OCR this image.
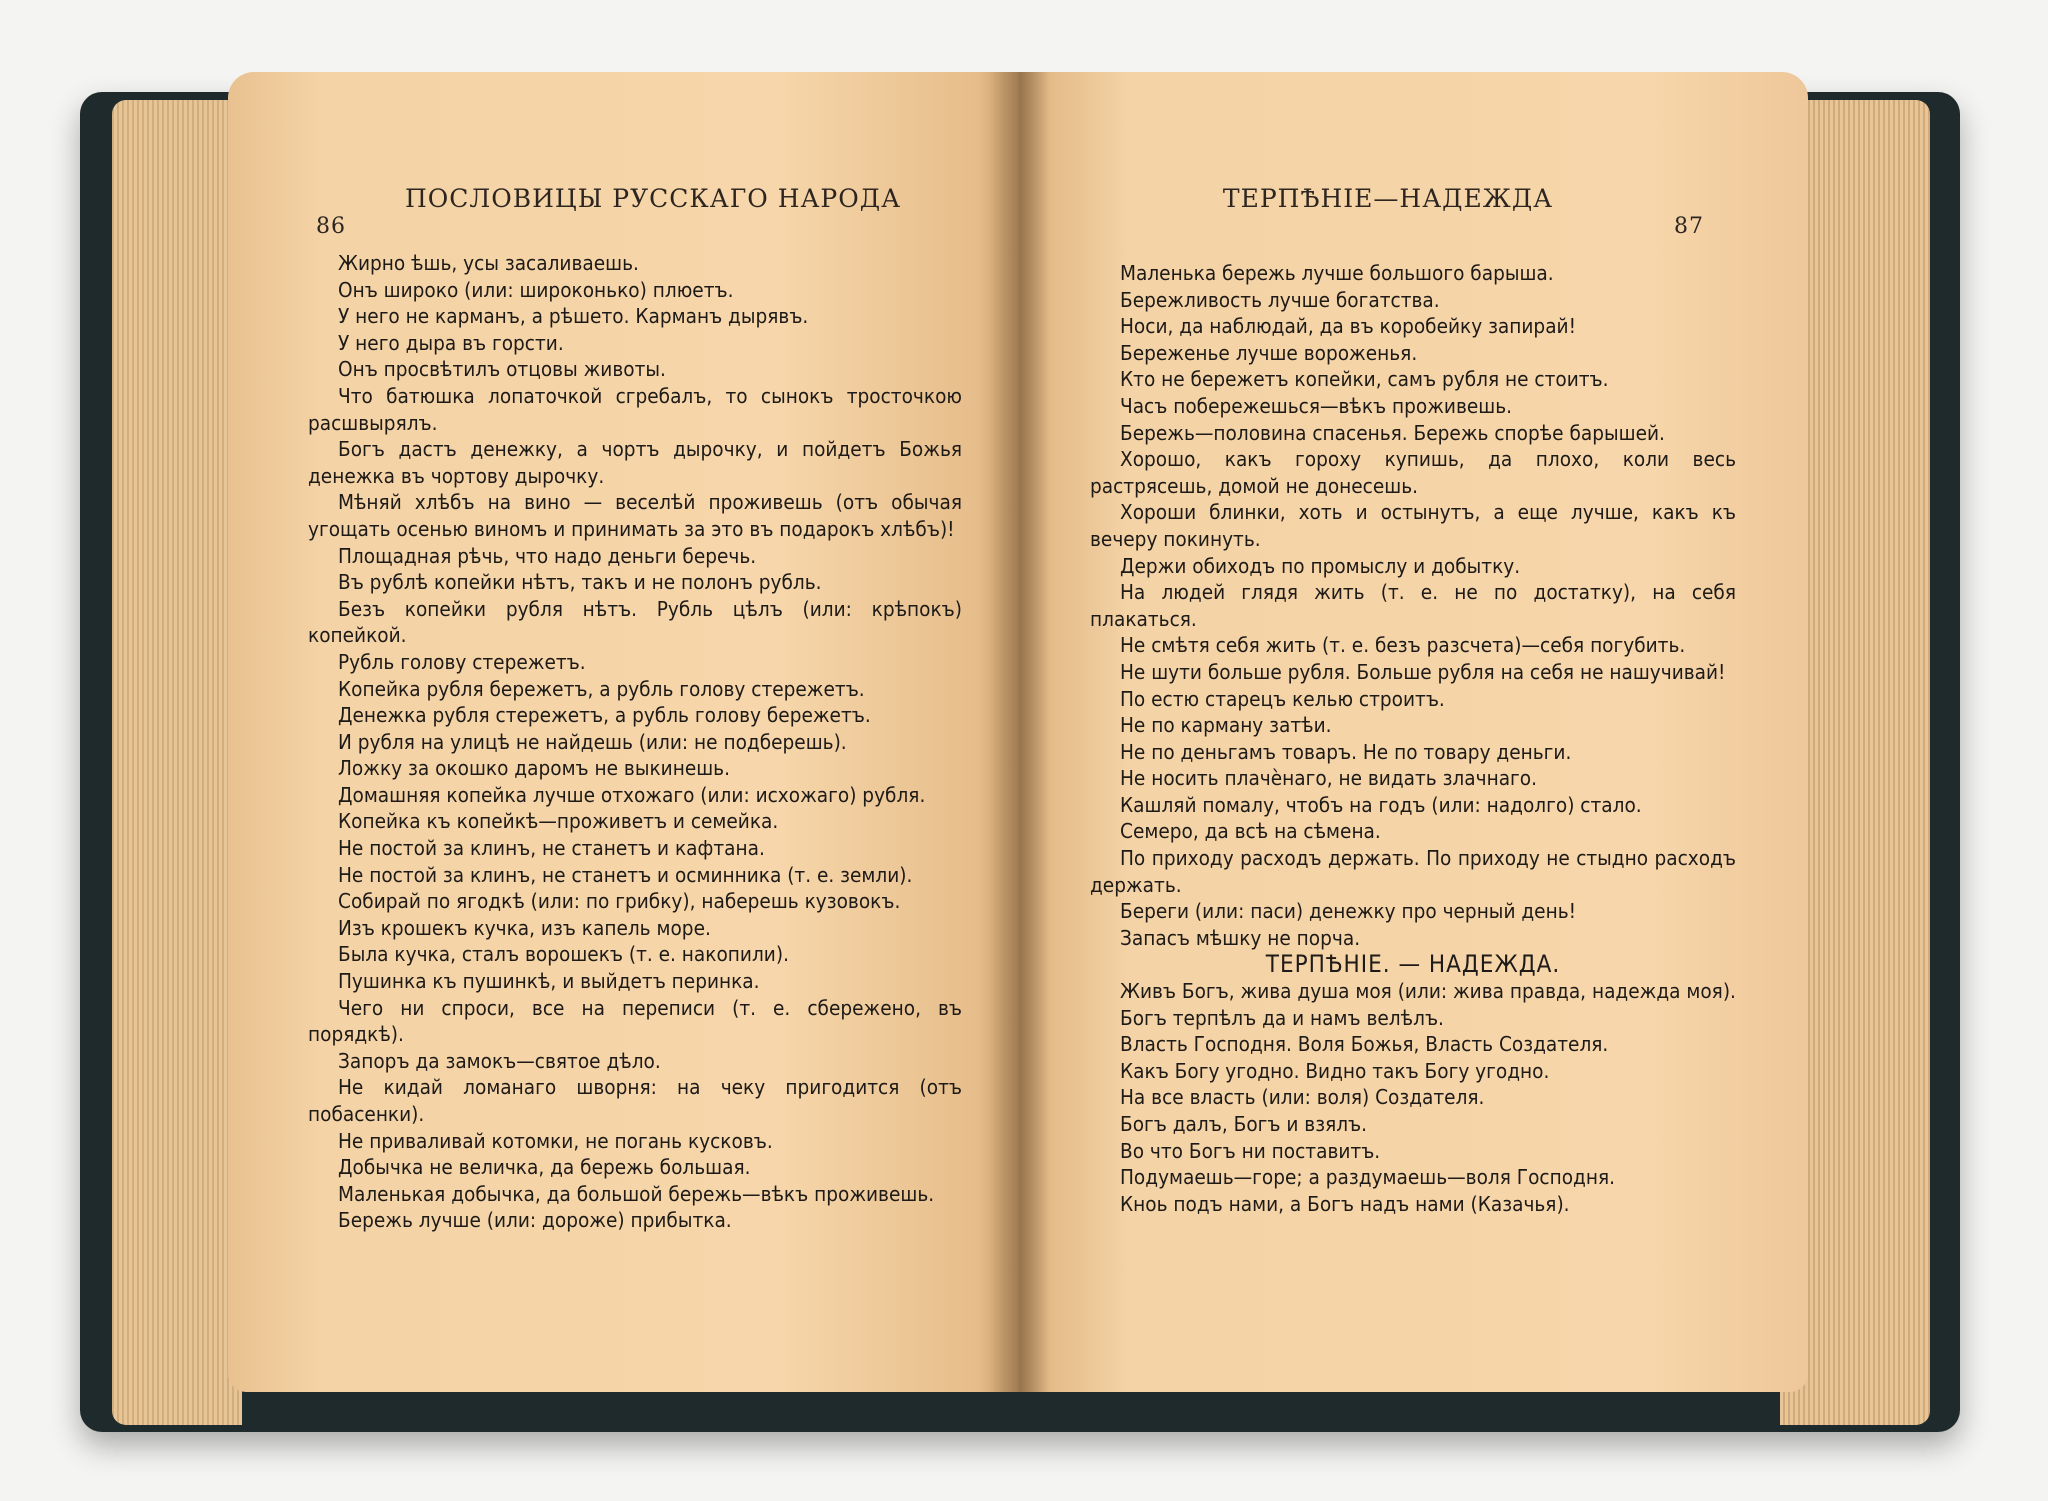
86
ПОСЛОВИЦЫ РУССКАГО НАРОДА

Жирно ѣшь, усы засаливаешь.

Онъ широко (или: широконько) плюетъ.

У него не карманъ, а рѣшето. Карманъ дырявъ.

У него дыра въ горсти.

Онъ просвѣтилъ отцовы животы.

Что батюшка лопаточкой сгребалъ, то сынокъ тросточкою расшвырялъ.

Богъ дастъ денежку, а чортъ дырочку, и пойдетъ Божья денежка въ чортову дырочку.

Мѣняй хлѣбъ на вино — веселѣй проживешь (отъ обычая угощать осенью виномъ и принимать за это въ подарокъ хлѣбъ)!

Площадная рѣчь, что надо деньги беречь.

Въ рублѣ копейки нѣтъ, такъ и не полонъ рубль.

Безъ копейки рубля нѣтъ. Рубль цѣлъ (или: крѣпокъ) копейкой.

Рубль голову стережетъ.

Копейка рубля бережетъ, а рубль голову стережетъ.

Денежка рубля стережетъ, а рубль голову бережетъ.

И рубля на улицѣ не найдешь (или: не подберешь).

Ложку за окошко даромъ не выкинешь.

Домашняя копейка лучше отхожаго (или: исхожаго) рубля.

Копейка къ копейкѣ—проживетъ и семейка.

Не постой за клинъ, не станетъ и кафтана.

Не постой за клинъ, не станетъ и осминника (т. е. земли).

Собирай по ягодкѣ (или: по грибку), наберешь кузовокъ.

Изъ крошекъ кучка, изъ капель море.

Была кучка, сталъ ворошекъ (т. е. накопили).

Пушинка къ пушинкѣ, и выйдетъ перинка.

Чего ни спроси, все на переписи (т. е. сбережено, въ порядкѣ).

Запоръ да замокъ—святое дѣло.

Не кидай ломанаго шворня: на чеку пригодится (отъ побасенки).

Не приваливай котомки, не погань кусковъ.

Добычка не величка, да бережь большая.

Маленькая добычка, да большой бережь—вѣкъ проживешь.

Бережь лучше (или: дороже) прибытка.

ТЕРПѢНІЕ—НАДЕЖДА
87

Маленька бережь лучше большого барыша.

Бережливость лучше богатства.

Носи, да наблюдай, да въ коробейку запирай!

Береженье лучше вороженья.

Кто не бережетъ копейки, самъ рубля не стоитъ.

Часъ побережешься—вѣкъ проживешь.

Бережь—половина спасенья. Бережь спорѣе барышей.

Хорошо, какъ гороху купишь, да плохо, коли весь растрясешь, домой не донесешь.

Хороши блинки, хоть и остынутъ, а еще лучше, какъ къ вечеру покинуть.

Держи обиходъ по промыслу и добытку.

На людей глядя жить (т. е. не по достатку), на себя плакаться.

Не смѣтя себя жить (т. е. безъ разсчета)—себя погубить.

Не шути больше рубля. Больше рубля на себя не нашучивай!

По естю старецъ келью строитъ.

Не по карману затѣи.

Не по деньгамъ товаръ. Не по товару деньги.

Не носить плачѐнаго, не видать злачнаго.

Кашляй помалу, чтобъ на годъ (или: надолго) стало.

Семеро, да всѣ на сѣмена.

По приходу расходъ держать. По приходу не стыдно расходъ держать.

Береги (или: паси) денежку про черный день!

Запасъ мѣшку не порча.

ТЕРПѢНІЕ. — НАДЕЖДА.

Живъ Богъ, жива душа моя (или: жива правда, надежда моя).

Богъ терпѣлъ да и намъ велѣлъ.

Власть Господня. Воля Божья, Власть Создателя.

Какъ Богу угодно. Видно такъ Богу угодно.

На все власть (или: воля) Создателя.

Богъ далъ, Богъ и взялъ.

Во что Богъ ни поставитъ.

Подумаешь—горе; а раздумаешь—воля Господня.

Кноь подъ нами, а Богъ надъ нами (Казачья).
